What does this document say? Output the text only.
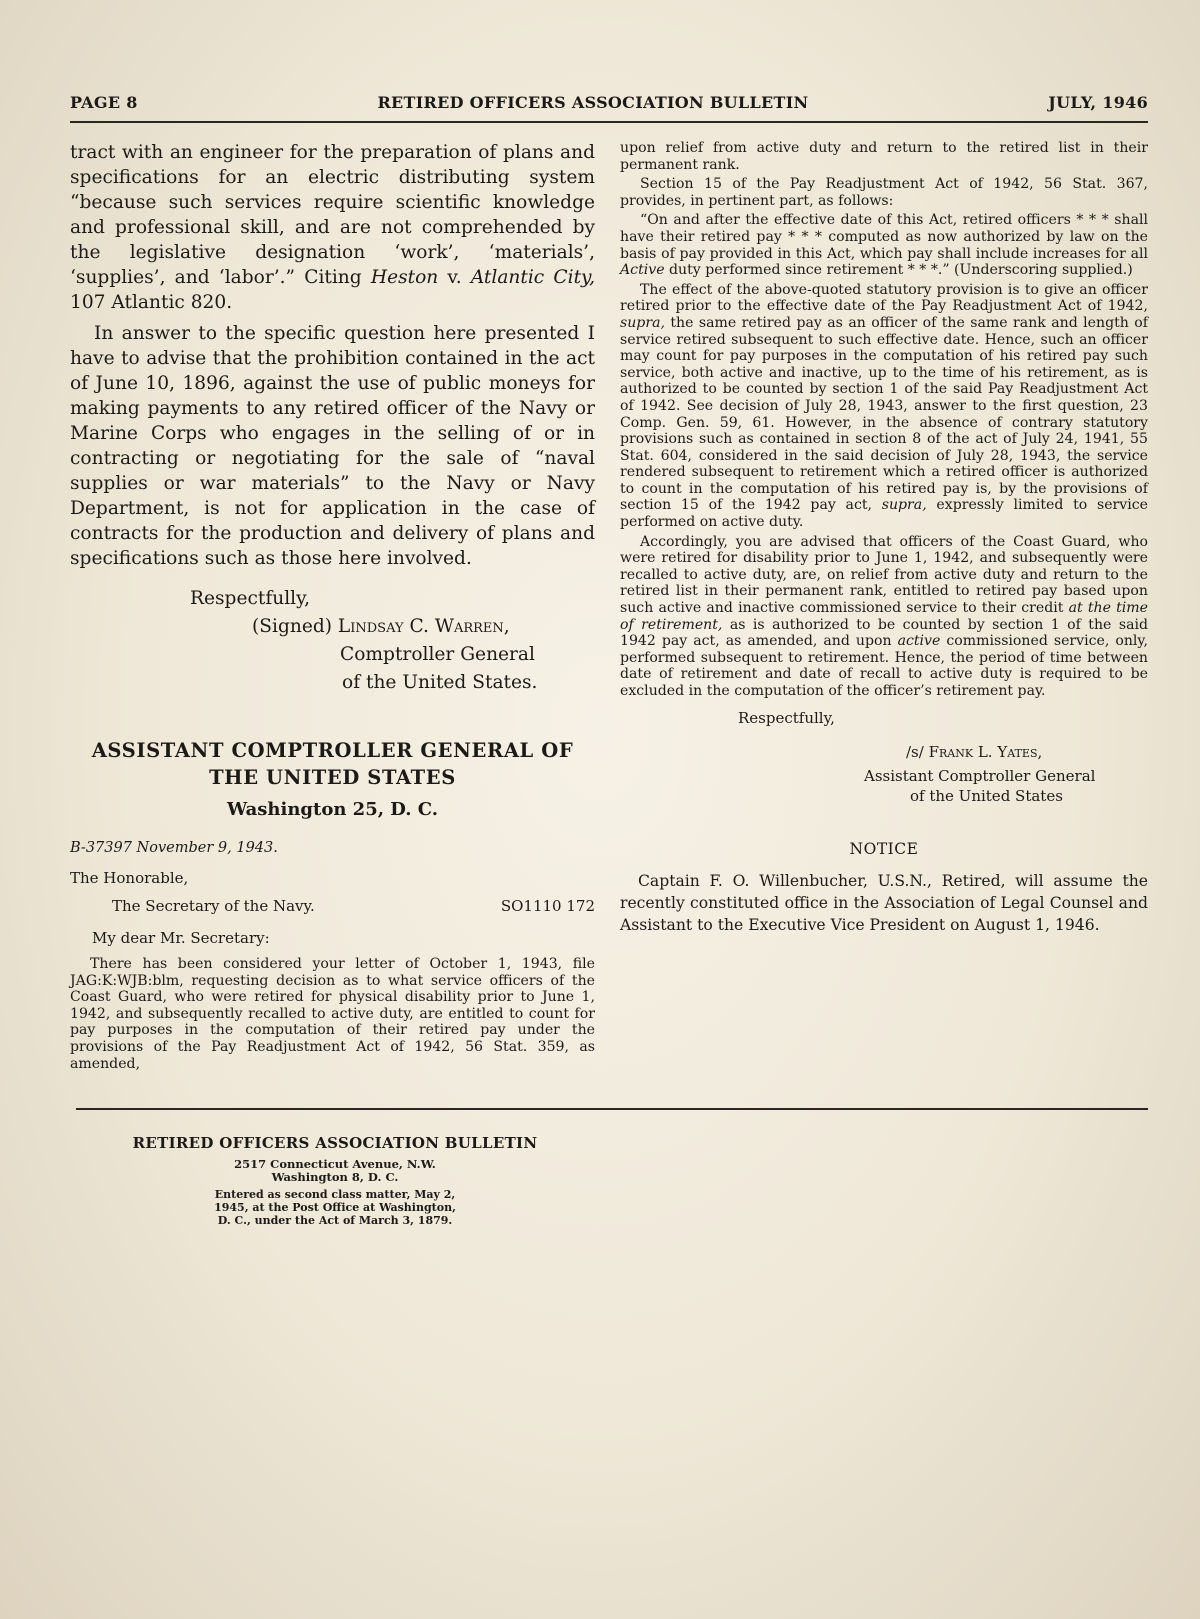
PAGE 8	RETIRED OFFICERS ASSOCIATION BULLETIN	JULY, 1946

tract with an engineer for the preparation of plans and specifications for an electric distributing system “because such services require scientific knowledge and professional skill, and are not comprehended by the legislative designation ‘work’, ‘materials’, ‘supplies’, and ‘labor’.” Citing Heston v. Atlantic City, 107 Atlantic 820.

In answer to the specific question here presented I have to advise that the prohibition contained in the act of June 10, 1896, against the use of public moneys for making payments to any retired officer of the Navy or Marine Corps who engages in the selling of or in contracting or negotiating for the sale of “naval supplies or war materials” to the Navy or Navy Department, is not for application in the case of contracts for the production and delivery of plans and specifications such as those here involved.

Respectfully,
(Signed) Lindsay C. Warren,
Comptroller General
of the United States.
ASSISTANT COMPTROLLER GENERAL OF
THE UNITED STATES
Washington 25, D. C.
B-37397 November 9, 1943.
The Honorable,
The Secretary of the Navy.	SO1110 172
My dear Mr. Secretary:

There has been considered your letter of October 1, 1943, file JAG:K:WJB:blm, requesting decision as to what service officers of the Coast Guard, who were retired for physical disability prior to June 1, 1942, and subsequently recalled to active duty, are entitled to count for pay purposes in the computation of their retired pay under the provisions of the Pay Readjustment Act of 1942, 56 Stat. 359, as amended,

upon relief from active duty and return to the retired list in their permanent rank.

Section 15 of the Pay Readjustment Act of 1942, 56 Stat. 367, provides, in pertinent part, as follows:

“On and after the effective date of this Act, retired officers * * * shall have their retired pay * * * computed as now authorized by law on the basis of pay provided in this Act, which pay shall include increases for all Active duty performed since retirement * * *.” (Underscoring supplied.)

The effect of the above-quoted statutory provision is to give an officer retired prior to the effective date of the Pay Readjustment Act of 1942, supra, the same retired pay as an officer of the same rank and length of service retired subsequent to such effective date. Hence, such an officer may count for pay purposes in the computation of his retired pay such service, both active and inactive, up to the time of his retirement, as is authorized to be counted by section 1 of the said Pay Readjustment Act of 1942. See decision of July 28, 1943, answer to the first question, 23 Comp. Gen. 59, 61. However, in the absence of contrary statutory provisions such as contained in section 8 of the act of July 24, 1941, 55 Stat. 604, considered in the said decision of July 28, 1943, the service rendered subsequent to retirement which a retired officer is authorized to count in the computation of his retired pay is, by the provisions of section 15 of the 1942 pay act, supra, expressly limited to service performed on active duty.

Accordingly, you are advised that officers of the Coast Guard, who were retired for disability prior to June 1, 1942, and subsequently were recalled to active duty, are, on relief from active duty and return to the retired list in their permanent rank, entitled to retired pay based upon such active and inactive commissioned service to their credit at the time of retirement, as is authorized to be counted by section 1 of the said 1942 pay act, as amended, and upon active commissioned service, only, performed subsequent to retirement. Hence, the period of time between date of retirement and date of recall to active duty is required to be excluded in the computation of the officer’s retirement pay.

Respectfully,
/s/ Frank L. Yates,
Assistant Comptroller General
of the United States
NOTICE

Captain F. O. Willenbucher, U.S.N., Retired, will assume the recently constituted office in the Association of Legal Counsel and Assistant to the Executive Vice President on August 1, 1946.

RETIRED OFFICERS ASSOCIATION BULLETIN
2517 Connecticut Avenue, N.W.
Washington 8, D. C.
Entered as second class matter, May 2,
1945, at the Post Office at Washington,
D. C., under the Act of March 3, 1879.
